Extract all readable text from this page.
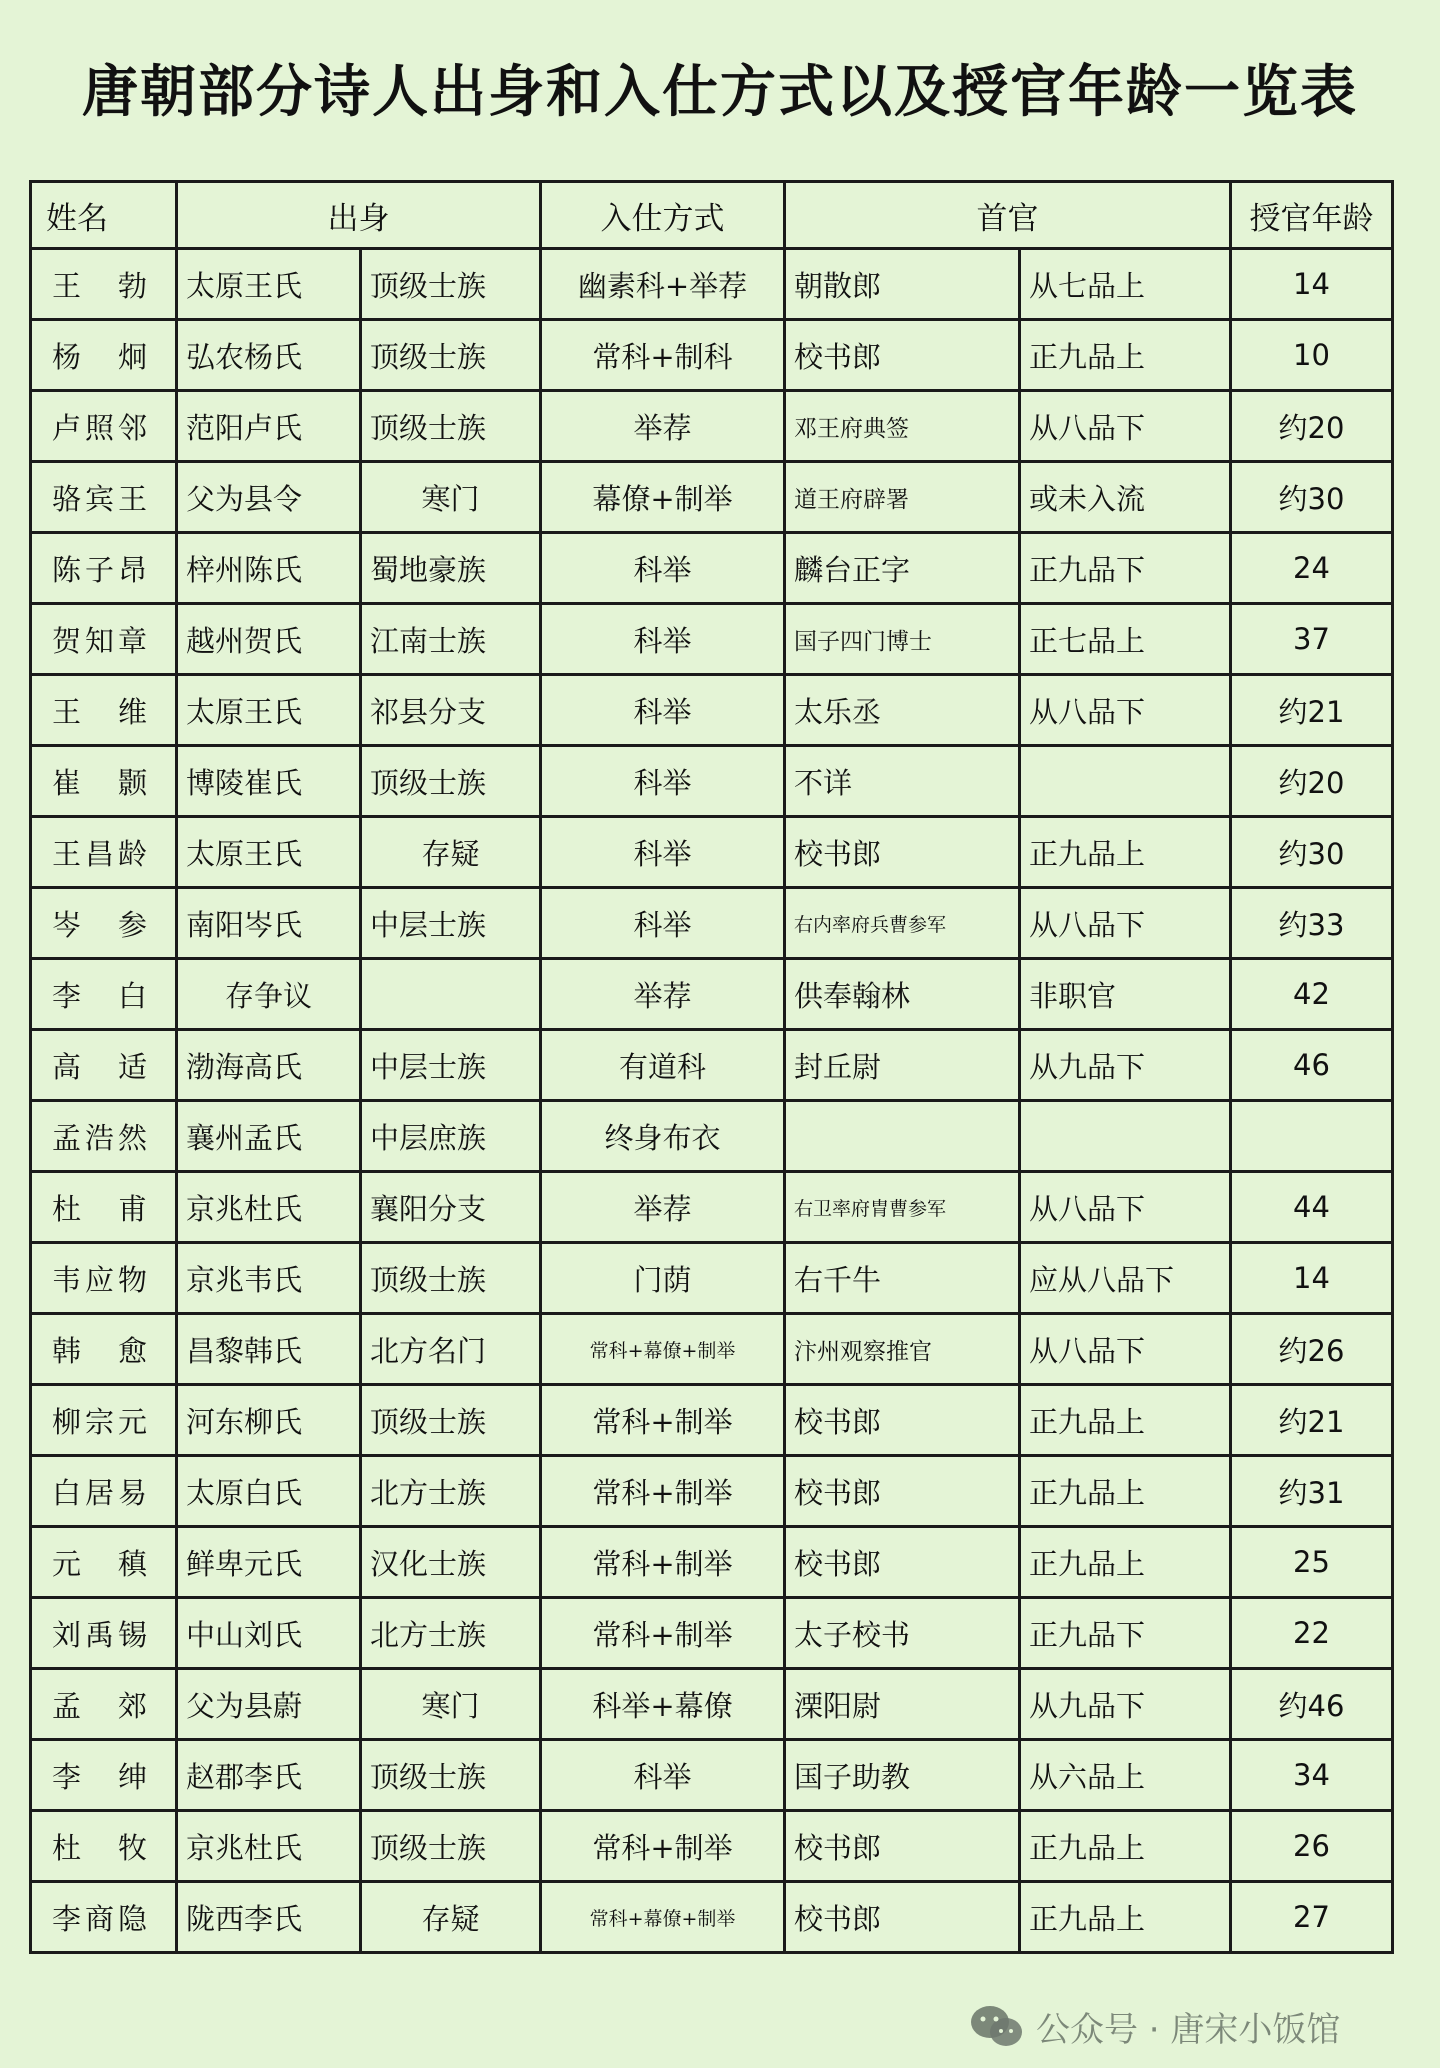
唐朝部分诗人出身和入仕方式以及授官年龄一览表
姓名	出身		入仕方式	首官		授官年龄
王　勃	太原王氏	顶级士族	幽素科+举荐	朝散郎	从七品上	14
杨　炯	弘农杨氏	顶级士族	常科+制科	校书郎	正九品上	10
卢照邻	范阳卢氏	顶级士族	举荐	邓王府典签	从八品下	约20
骆宾王	父为县令	寒门	幕僚+制举	道王府辟署	或未入流	约30
陈子昂	梓州陈氏	蜀地豪族	科举	麟台正字	正九品下	24
贺知章	越州贺氏	江南士族	科举	国子四门博士	正七品上	37
王　维	太原王氏	祁县分支	科举	太乐丞	从八品下	约21
崔　颢	博陵崔氏	顶级士族	科举	不详		约20
王昌龄	太原王氏	存疑	科举	校书郎	正九品上	约30
岑　参	南阳岑氏	中层士族	科举	右内率府兵曹参军	从八品下	约33
李　白	存争议		举荐	供奉翰林	非职官	42
高　适	渤海高氏	中层士族	有道科	封丘尉	从九品下	46
孟浩然	襄州孟氏	中层庶族	终身布衣			
杜　甫	京兆杜氏	襄阳分支	举荐	右卫率府胄曹参军	从八品下	44
韦应物	京兆韦氏	顶级士族	门荫	右千牛	应从八品下	14
韩　愈	昌黎韩氏	北方名门	常科+幕僚+制举	汴州观察推官	从八品下	约26
柳宗元	河东柳氏	顶级士族	常科+制举	校书郎	正九品上	约21
白居易	太原白氏	北方士族	常科+制举	校书郎	正九品上	约31
元　稹	鲜卑元氏	汉化士族	常科+制举	校书郎	正九品上	25
刘禹锡	中山刘氏	北方士族	常科+制举	太子校书	正九品下	22
孟　郊	父为县蔚	寒门	科举+幕僚	溧阳尉	从九品下	约46
李　绅	赵郡李氏	顶级士族	科举	国子助教	从六品上	34
杜　牧	京兆杜氏	顶级士族	常科+制举	校书郎	正九品上	26
李商隐	陇西李氏	存疑	常科+幕僚+制举	校书郎	正九品上	27
公众号 · 唐宋小饭馆
